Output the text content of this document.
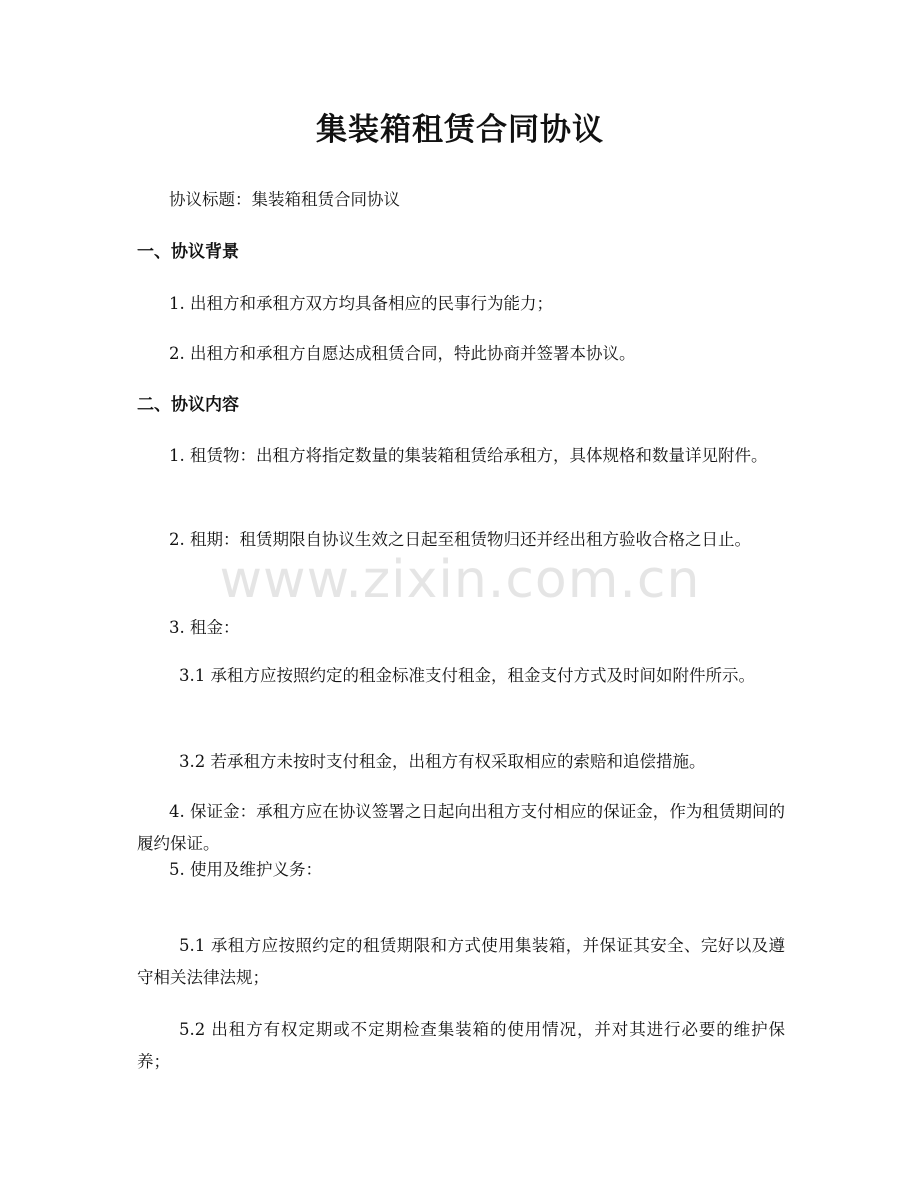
集装箱租赁合同协议
协议标题：集装箱租赁合同协议
一、协议背景
1. 出租方和承租方双方均具备相应的民事行为能力；
2. 出租方和承租方自愿达成租赁合同，特此协商并签署本协议。
二、协议内容
1. 租赁物：出租方将指定数量的集装箱租赁给承租方，具体规格和数量详见附件。
2. 租期：租赁期限自协议生效之日起至租赁物归还并经出租方验收合格之日止。
3. 租金：
3.1 承租方应按照约定的租金标准支付租金，租金支付方式及时间如附件所示。
3.2 若承租方未按时支付租金，出租方有权采取相应的索赔和追偿措施。
4. 保证金：承租方应在协议签署之日起向出租方支付相应的保证金，作为租赁期间的履约保证。
5. 使用及维护义务：
5.1 承租方应按照约定的租赁期限和方式使用集装箱，并保证其安全、完好以及遵守相关法律法规；
5.2 出租方有权定期或不定期检查集装箱的使用情况，并对其进行必要的维护保养；
www.zixin.com.cn
